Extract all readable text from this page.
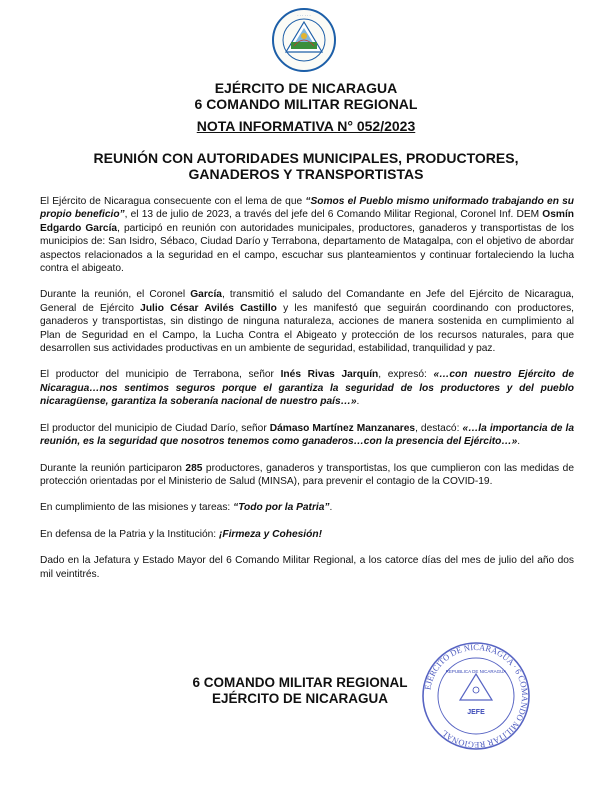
· · · · · ·
EJÉRCITO DE NICARAGUA
6 COMANDO MILITAR REGIONAL
NOTA INFORMATIVA N° 052/2023
REUNIÓN CON AUTORIDADES MUNICIPALES, PRODUCTORES,
GANADEROS Y TRANSPORTISTAS

El Ejército de Nicaragua consecuente con el lema de que “Somos el Pueblo mismo uniformado trabajando en su propio beneficio”, el 13 de julio de 2023, a través del jefe del 6 Comando Militar Regional, Coronel Inf. DEM Osmín Edgardo García, participó en reunión con autoridades municipales, productores, ganaderos y transportistas de los municipios de: San Isidro, Sébaco, Ciudad Darío y Terrabona, departamento de Matagalpa, con el objetivo de abordar aspectos relacionados a la seguridad en el campo, escuchar sus planteamientos y continuar fortaleciendo la lucha contra el abigeato.

Durante la reunión, el Coronel García, transmitió el saludo del Comandante en Jefe del Ejército de Nicaragua, General de Ejército Julio César Avilés Castillo y les manifestó que seguirán coordinando con productores, ganaderos y transportistas, sin distingo de ninguna naturaleza, acciones de manera sostenida en cumplimiento al Plan de Seguridad en el Campo, la Lucha Contra el Abigeato y protección de los recursos naturales, para que desarrollen sus actividades productivas en un ambiente de seguridad, estabilidad, tranquilidad y paz.

El productor del municipio de Terrabona, señor Inés Rivas Jarquín, expresó: «…con nuestro Ejército de Nicaragua…nos sentimos seguros porque el garantiza la seguridad de los productores y del pueblo nicaragüense, garantiza la soberanía nacional de nuestro país…».

El productor del municipio de Ciudad Darío, señor Dámaso Martínez Manzanares, destacó: «…la importancia de la reunión, es la seguridad que nosotros tenemos como ganaderos…con la presencia del Ejército…».

Durante la reunión participaron 285 productores, ganaderos y transportistas, los que cumplieron con las medidas de protección orientadas por el Ministerio de Salud (MINSA), para prevenir el contagio de la COVID-19.

En cumplimiento de las misiones y tareas: “Todo por la Patria”.

En defensa de la Patria y la Institución: ¡Firmeza y Cohesión!

Dado en la Jefatura y Estado Mayor del 6 Comando Militar Regional, a los catorce días del mes de julio del año dos mil veintitrés.

6 COMANDO MILITAR REGIONAL
EJÉRCITO DE NICARAGUA
EJÉRCITO DE NICARAGUA · 6 COMANDO MILITAR REGIONAL
REPUBLICA DE NICARAGUA
JEFE
